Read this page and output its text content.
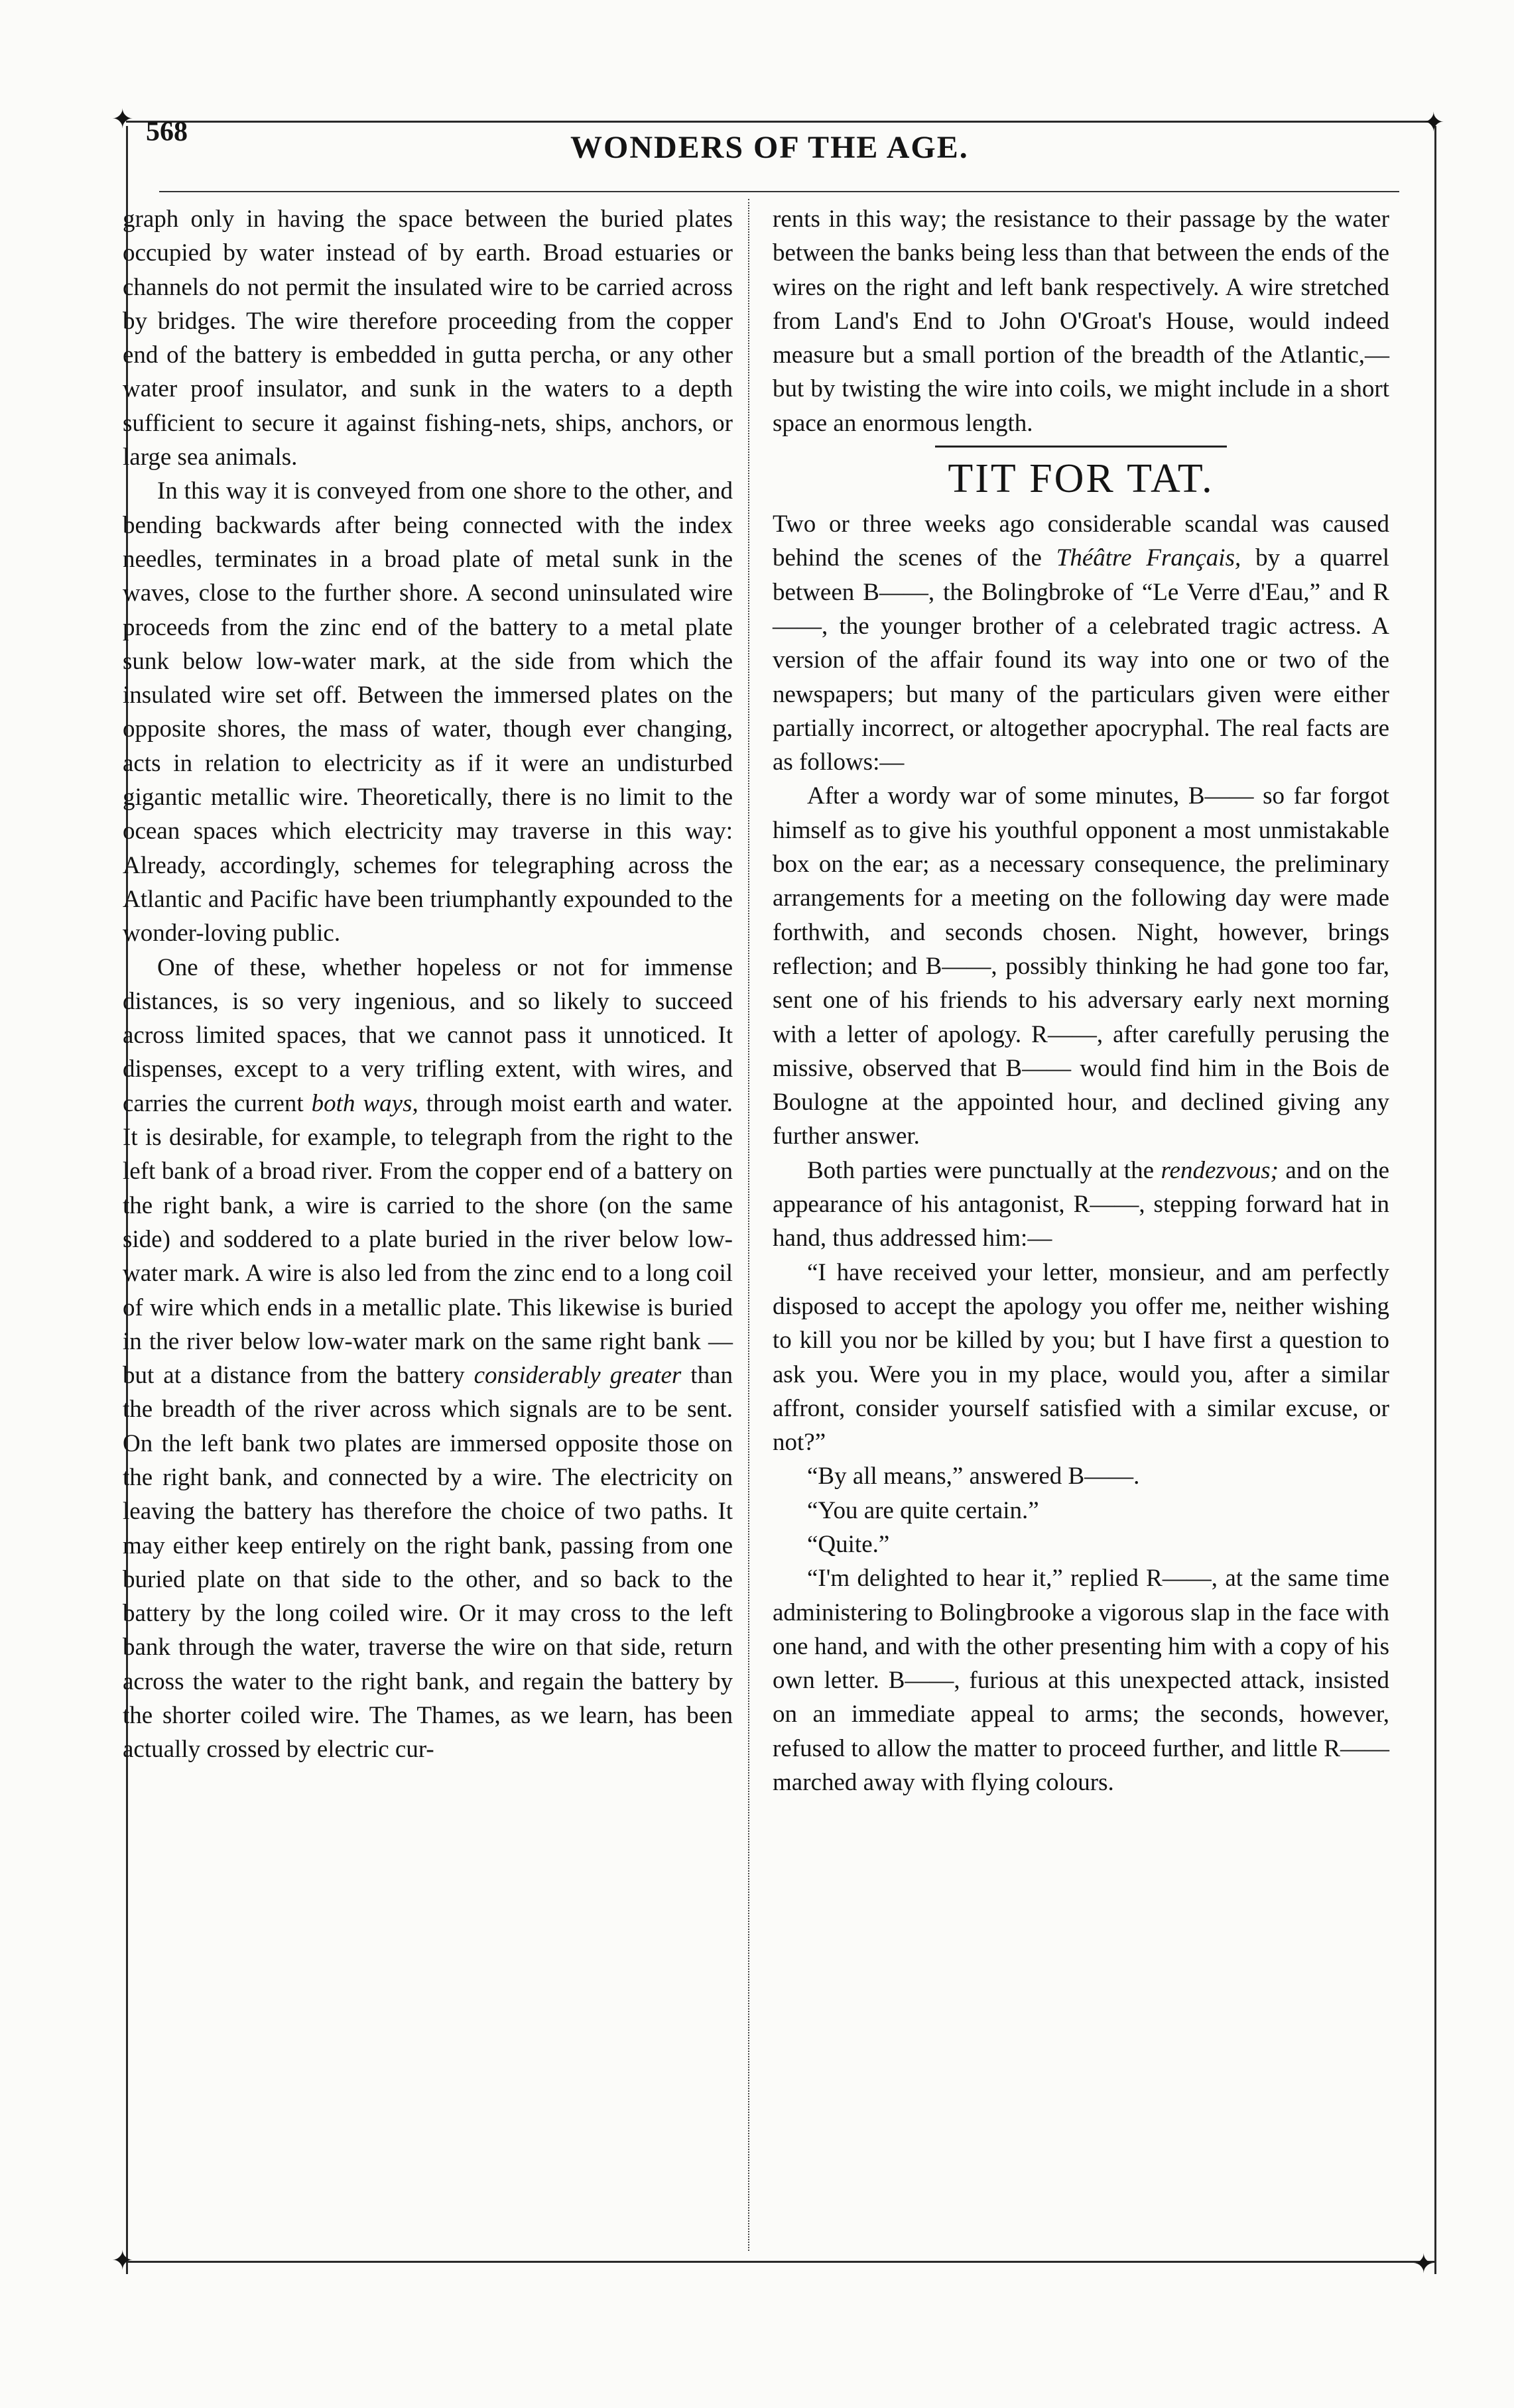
✦	✦
✦	✦
568	WONDERS OF THE AGE.

graph only in having the space between the buried plates occupied by water instead of by earth. Broad estuaries or channels do not permit the insulated wire to be carried across by bridges. The wire therefore proceeding from the copper end of the battery is embedded in gutta percha, or any other water proof insulator, and sunk in the waters to a depth sufficient to secure it against fishing-nets, ships, anchors, or large sea animals.

In this way it is conveyed from one shore to the other, and bending backwards after being connected with the index needles, terminates in a broad plate of metal sunk in the waves, close to the further shore. A second uninsulated wire proceeds from the zinc end of the battery to a metal plate sunk below low-water mark, at the side from which the insulated wire set off. Between the immersed plates on the opposite shores, the mass of water, though ever changing, acts in relation to electricity as if it were an undisturbed gigantic metallic wire. Theoretically, there is no limit to the ocean spaces which electricity may traverse in this way: Already, accordingly, schemes for telegraphing across the Atlantic and Pacific have been triumphantly expounded to the wonder-loving public.

One of these, whether hopeless or not for immense distances, is so very ingenious, and so likely to succeed across limited spaces, that we cannot pass it unnoticed. It dispenses, except to a very trifling extent, with wires, and carries the current both ways, through moist earth and water. It is desirable, for example, to telegraph from the right to the left bank of a broad river. From the copper end of a battery on the right bank, a wire is carried to the shore (on the same side) and soddered to a plate buried in the river below low-water mark. A wire is also led from the zinc end to a long coil of wire which ends in a metallic plate. This likewise is buried in the river below low-water mark on the same right bank —but at a distance from the battery considerably greater than the breadth of the river across which signals are to be sent. On the left bank two plates are immersed opposite those on the right bank, and connected by a wire. The electricity on leaving the battery has therefore the choice of two paths. It may either keep entirely on the right bank, passing from one buried plate on that side to the other, and so back to the battery by the long coiled wire. Or it may cross to the left bank through the water, traverse the wire on that side, return across the water to the right bank, and regain the battery by the shorter coiled wire. The Thames, as we learn, has been actually crossed by electric cur-

rents in this way; the resistance to their passage by the water between the banks being less than that between the ends of the wires on the right and left bank respectively. A wire stretched from Land's End to John O'Groat's House, would indeed measure but a small portion of the breadth of the Atlantic,—but by twisting the wire into coils, we might include in a short space an enormous length.

TIT FOR TAT.

Two or three weeks ago considerable scandal was caused behind the scenes of the Théâtre Français, by a quarrel between B——, the Bolingbroke of “Le Verre d'Eau,” and R——, the younger brother of a celebrated tragic actress. A version of the affair found its way into one or two of the newspapers; but many of the particulars given were either partially incorrect, or altogether apocryphal. The real facts are as follows:—

After a wordy war of some minutes, B—— so far forgot himself as to give his youthful opponent a most unmistakable box on the ear; as a necessary consequence, the preliminary arrangements for a meeting on the following day were made forthwith, and seconds chosen. Night, however, brings reflection; and B——, possibly thinking he had gone too far, sent one of his friends to his adversary early next morning with a letter of apology. R——, after carefully perusing the missive, observed that B—— would find him in the Bois de Boulogne at the appointed hour, and declined giving any further answer.

Both parties were punctually at the rendezvous; and on the appearance of his antagonist, R——, stepping forward hat in hand, thus addressed him:—

“I have received your letter, monsieur, and am perfectly disposed to accept the apology you offer me, neither wishing to kill you nor be killed by you; but I have first a question to ask you. Were you in my place, would you, after a similar affront, consider yourself satisfied with a similar excuse, or not?”

“By all means,” answered B——.

“You are quite certain.”

“Quite.”

“I'm delighted to hear it,” replied R——, at the same time administering to Bolingbrooke a vigorous slap in the face with one hand, and with the other presenting him with a copy of his own letter. B——, furious at this unexpected attack, insisted on an immediate appeal to arms; the seconds, however, refused to allow the matter to proceed further, and little R—— marched away with flying colours.
